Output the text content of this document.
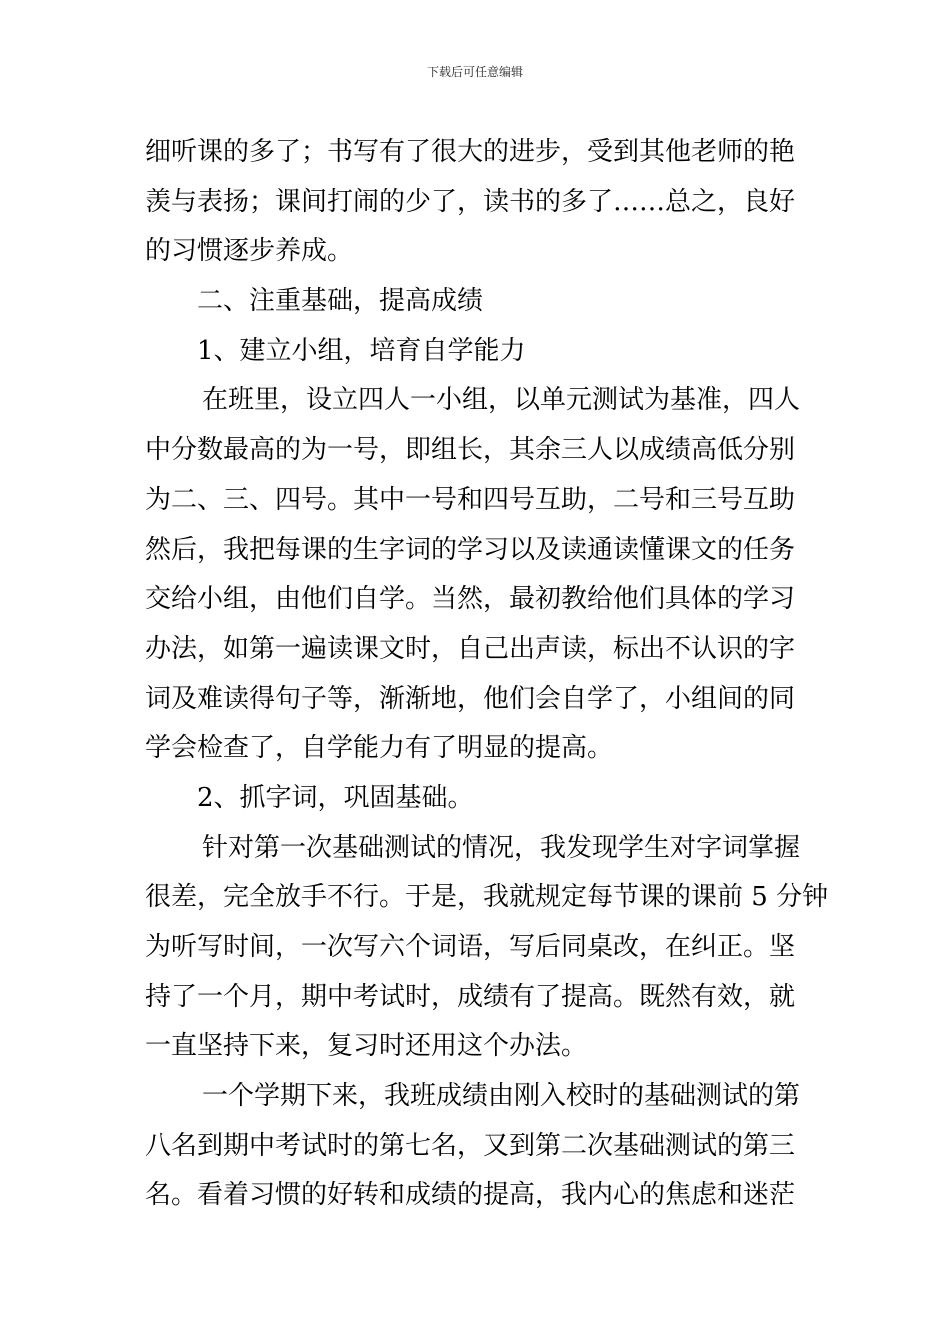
下载后可任意编辑
细听课的多了；书写有了很大的进步，受到其他老师的艳
羡与表扬；课间打闹的少了，读书的多了……总之，良好
的习惯逐步养成。
二、注重基础，提高成绩
1、建立小组，培育自学能力
在班里，设立四人一小组，以单元测试为基准，四人
中分数最高的为一号，即组长，其余三人以成绩高低分别
为二、三、四号。其中一号和四号互助，二号和三号互助
然后，我把每课的生字词的学习以及读通读懂课文的任务
交给小组，由他们自学。当然，最初教给他们具体的学习
办法，如第一遍读课文时，自己出声读，标出不认识的字
词及难读得句子等，渐渐地，他们会自学了，小组间的同
学会检查了，自学能力有了明显的提高。
2、抓字词，巩固基础。
针对第一次基础测试的情况，我发现学生对字词掌握
很差，完全放手不行。于是，我就规定每节课的课前 5 分钟
为听写时间，一次写六个词语，写后同桌改，在纠正。坚
持了一个月，期中考试时，成绩有了提高。既然有效，就
一直坚持下来，复习时还用这个办法。
一个学期下来，我班成绩由刚入校时的基础测试的第
八名到期中考试时的第七名，又到第二次基础测试的第三
名。看着习惯的好转和成绩的提高，我内心的焦虑和迷茫
